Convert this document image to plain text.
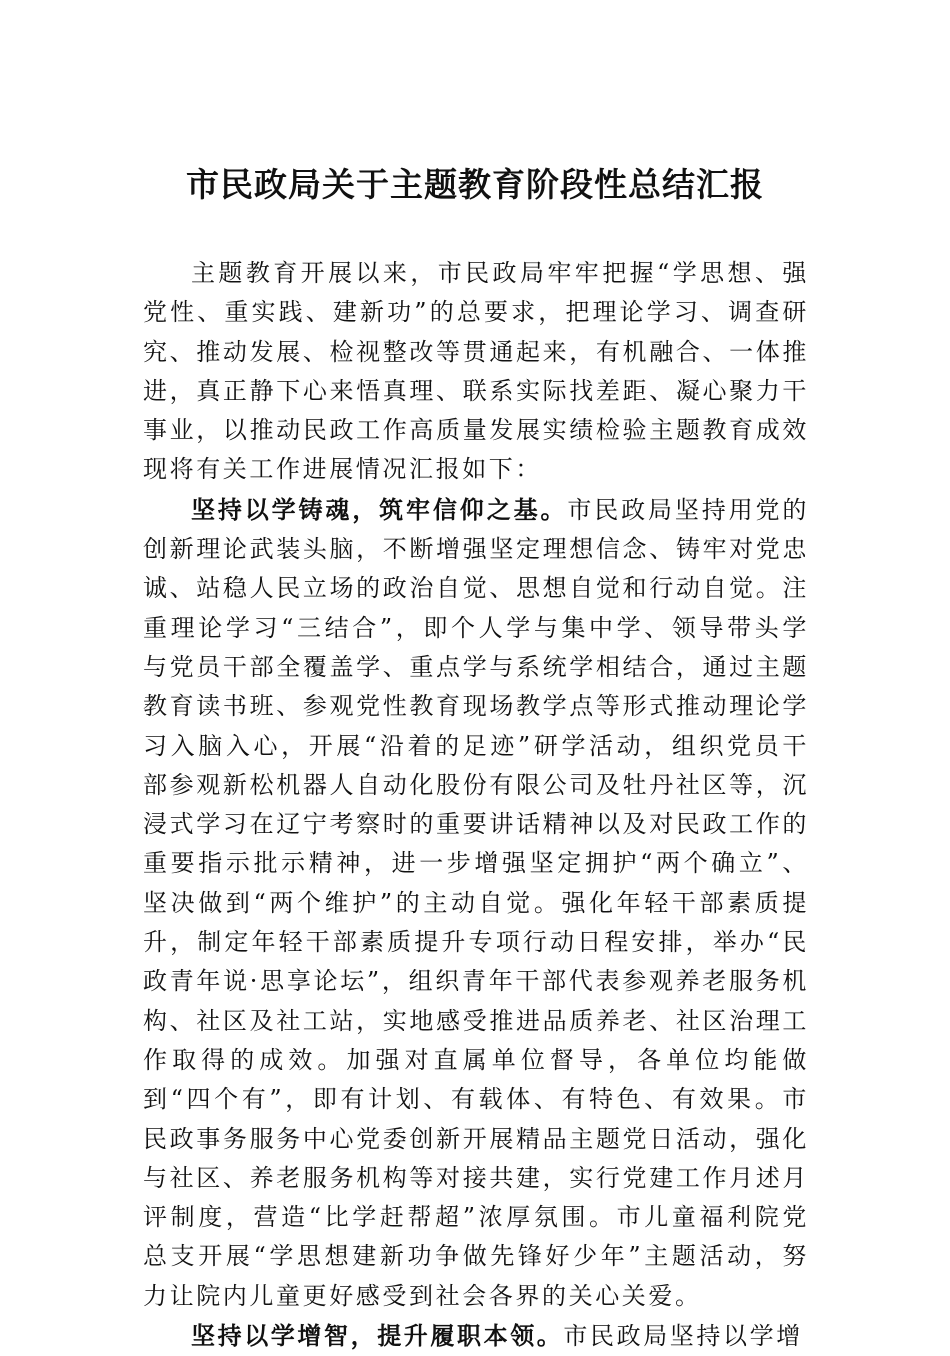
市民政局关于主题教育阶段性总结汇报

主题教育开展以来，市民政局牢牢把握“学思想、强党性、重实践、建新功”的总要求，把理论学习、调查研究、推动发展、检视整改等贯通起来，有机融合、一体推进，真正静下心来悟真理、联系实际找差距、凝心聚力干事业，以推动民政工作高质量发展实绩检验主题教育成效现将有关工作进展情况汇报如下：

坚持以学铸魂，筑牢信仰之基。市民政局坚持用党的创新理论武装头脑，不断增强坚定理想信念、铸牢对党忠诚、站稳人民立场的政治自觉、思想自觉和行动自觉。注重理论学习“三结合”，即个人学与集中学、领导带头学与党员干部全覆盖学、重点学与系统学相结合，通过主题教育读书班、参观党性教育现场教学点等形式推动理论学习入脑入心，开展“沿着的足迹”研学活动，组织党员干部参观新松机器人自动化股份有限公司及牡丹社区等，沉浸式学习在辽宁考察时的重要讲话精神以及对民政工作的重要指示批示精神，进一步增强坚定拥护“两个确立”、坚决做到“两个维护”的主动自觉。强化年轻干部素质提升，制定年轻干部素质提升专项行动日程安排，举办“民政青年说·思享论坛”，组织青年干部代表参观养老服务机构、社区及社工站，实地感受推进品质养老、社区治理工作取得的成效。加强对直属单位督导，各单位均能做到“四个有”，即有计划、有载体、有特色、有效果。市民政事务服务中心党委创新开展精品主题党日活动，强化与社区、养老服务机构等对接共建，实行党建工作月述月评制度，营造“比学赶帮超”浓厚氛围。市儿童福利院党总支开展“学思想建新功争做先锋好少年”主题活动，努力让院内儿童更好感受到社会各界的关心关爱。

坚持以学增智，提升履职本领。市民政局坚持以学增
